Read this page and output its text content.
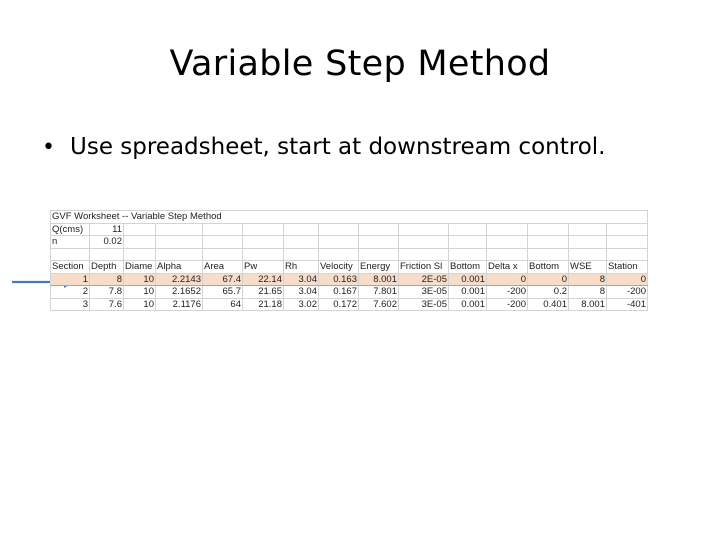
Variable Step Method
• Use spreadsheet, start at downstream control.
GVF Worksheet -- Variable Step Method														
Q(cms)	11													
n	0.02													

Section	Depth	Diame	Alpha	Area	Pw	Rh	Velocity	Energy	Friction Sl	Bottom	Delta x	Bottom	WSE	Station
1	8	10	2.2143	67.4	22.14	3.04	0.163	8.001	2E-05	0.001	0	0	8	0
2	7.8	10	2.1652	65.7	21.65	3.04	0.167	7.801	3E-05	0.001	-200	0.2	8	-200
3	7.6	10	2.1176	64	21.18	3.02	0.172	7.602	3E-05	0.001	-200	0.401	8.001	-401
